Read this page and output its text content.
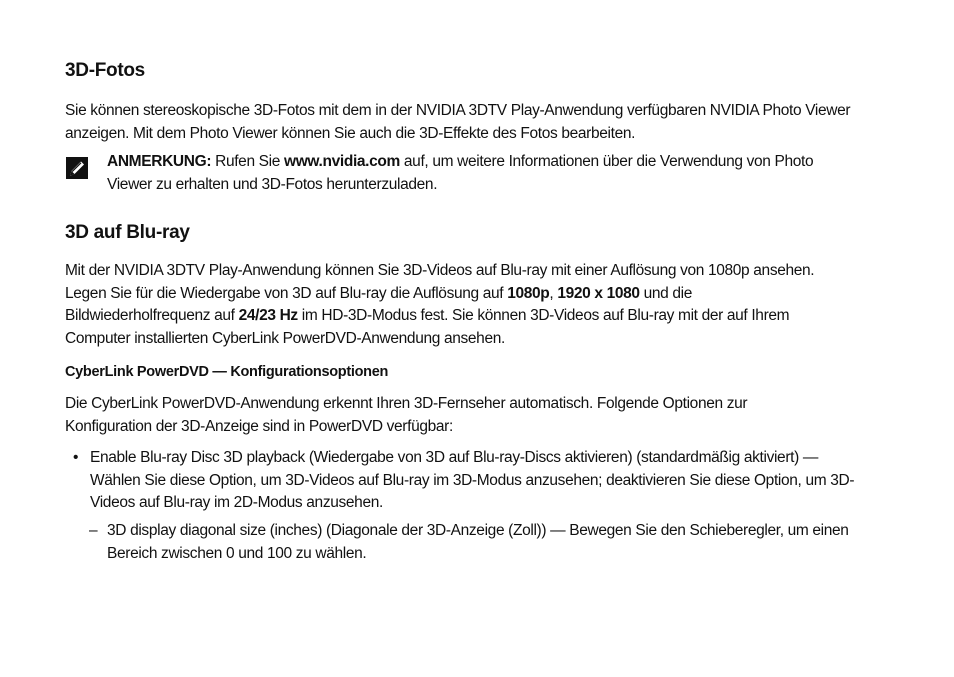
3D-Fotos
Sie können stereoskopische 3D-Fotos mit dem in der NVIDIA 3DTV Play-Anwendung verfügbaren NVIDIA Photo Viewer anzeigen. Mit dem Photo Viewer können Sie auch die 3D-Effekte des Fotos bearbeiten.
ANMERKUNG: Rufen Sie www.nvidia.com auf, um weitere Informationen über die Verwendung von Photo Viewer zu erhalten und 3D-Fotos herunterzuladen.
3D auf Blu-ray
Mit der NVIDIA 3DTV Play-Anwendung können Sie 3D-Videos auf Blu-ray mit einer Auflösung von 1080p ansehen. Legen Sie für die Wiedergabe von 3D auf Blu-ray die Auflösung auf 1080p, 1920 x 1080 und die Bildwiederholfrequenz auf 24/23 Hz im HD-3D-Modus fest. Sie können 3D-Videos auf Blu-ray mit der auf Ihrem Computer installierten CyberLink PowerDVD-Anwendung ansehen.
CyberLink PowerDVD — Konfigurationsoptionen
Die CyberLink PowerDVD-Anwendung erkennt Ihren 3D-Fernseher automatisch. Folgende Optionen zur Konfiguration der 3D-Anzeige sind in PowerDVD verfügbar:
• Enable Blu-ray Disc 3D playback (Wiedergabe von 3D auf Blu-ray-Discs aktivieren) (standardmäßig aktiviert) — Wählen Sie diese Option, um 3D-Videos auf Blu-ray im 3D-Modus anzusehen; deaktivieren Sie diese Option, um 3D-Videos auf Blu-ray im 2D-Modus anzusehen.
– 3D display diagonal size (inches) (Diagonale der 3D-Anzeige (Zoll)) — Bewegen Sie den Schieberegler, um einen Bereich zwischen 0 und 100 zu wählen.
